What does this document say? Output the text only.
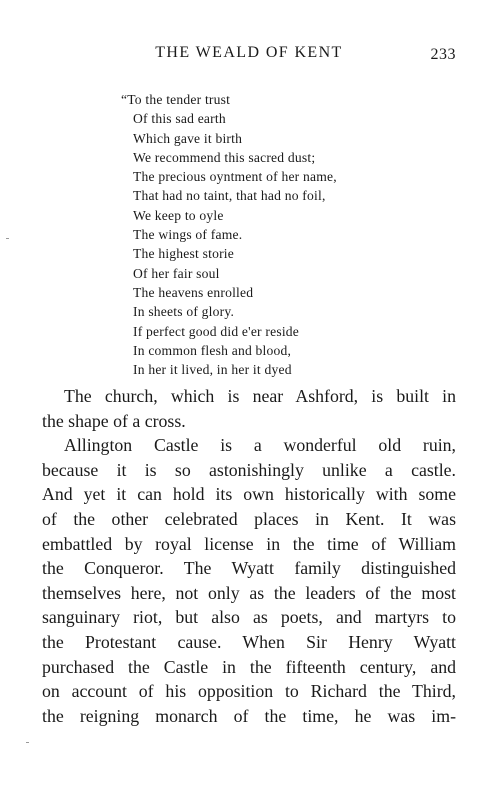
THE WEALD OF KENT	233
“To the tender trust
Of this sad earth
Which gave it birth
We recommend this sacred dust;
The precious oyntment of her name,
That had no taint, that had no foil,
We keep to oyle
The wings of fame.
The highest storie
Of her fair soul
The heavens enrolled
In sheets of glory.
If perfect good did e'er reside
In common flesh and blood,
In her it lived, in her it dyed

The church, which is near Ashford, is built in
the shape of a cross.

Allington Castle is a wonderful old ruin,
because it is so astonishingly unlike a castle.
And yet it can hold its own historically with some
of the other celebrated places in Kent. It was
embattled by royal license in the time of William
the Conqueror. The Wyatt family distinguished
themselves here, not only as the leaders of the most
sanguinary riot, but also as poets, and martyrs to
the Protestant cause. When Sir Henry Wyatt
purchased the Castle in the fifteenth century, and
on account of his opposition to Richard the Third,
the reigning monarch of the time, he was im-
